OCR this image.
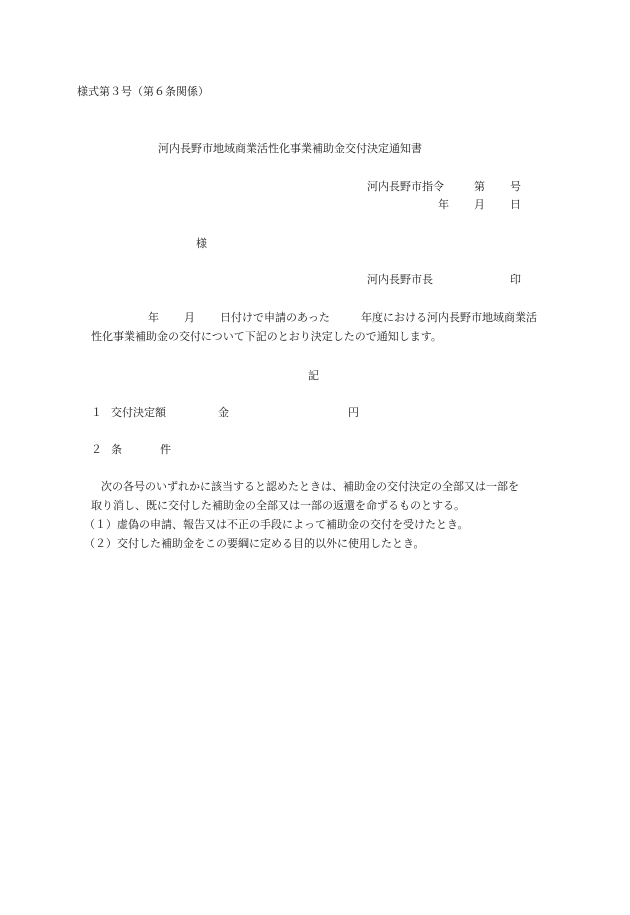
様式第３号（第６条関係）
河内長野市地域商業活性化事業補助金交付決定通知書
河内長野市指令	第 号
年 月 日
様
河内長野市長	印
年 月 日付けで申請のあった	年度における河内長野市地域商業活
性化事業補助金の交付について下記のとおり決定したので通知します。
記
１ 交付決定額	金	円
２ 条	件
次の各号のいずれかに該当すると認めたときは、補助金の交付決定の全部又は一部を
取り消し、既に交付した補助金の全部又は一部の返還を命ずるものとする。
（１）虚偽の申請、報告又は不正の手段によって補助金の交付を受けたとき。
（２）交付した補助金をこの要綱に定める目的以外に使用したとき。
